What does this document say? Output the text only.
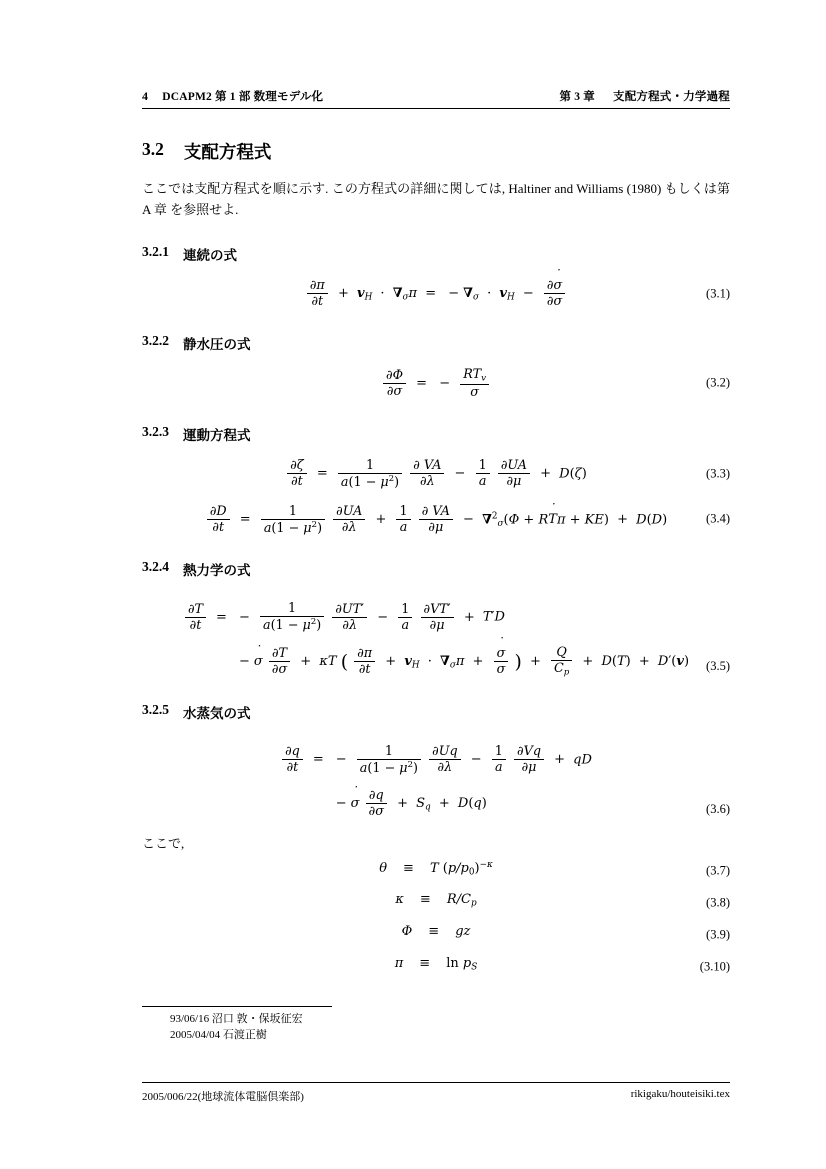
4 DCAPM2 第 1 部 数理モデル化	第 3 章 支配方程式・力学過程
3.2 支配方程式

ここでは支配方程式を順に示す. この方程式の詳細に関しては, Haltiner and Williams (1980) もしくは第 A 章 を参照せよ.

3.2.1 連続の式
$\frac{\partial\pi}{\partial t} + v_H \cdot \nabla_\sigma\pi$ = − $\nabla_\sigma \cdot v_H - \frac{\partial\sigma ˙}{\partial\sigma}$	(3.1)
3.2.2 静水圧の式
$\frac{\partial\Phi}{\partial\sigma}$ = − $\frac{RT_v}{\sigma}$	(3.2)
3.2.3 運動方程式
$\frac{\partial\zeta}{\partial t} = \frac{1}{a(1 - \mu^2)}$
$\frac{\partial VA}{\partial\lambda} - \frac{1}{a}$
$\frac{\partial UA}{\partial\mu} + D(\zeta)$	(3.3)
$\frac{\partial D}{\partial t} = \frac{1}{a(1 - \mu^2)}$
$\frac{\partial UA}{\partial\lambda} + \frac{1}{a}$
$\frac{\partial VA}{\partial\mu} - \nabla^2_\sigma(\Phi$ + RT ˙π + KE) + D(D)	(3.4)
3.2.4 熱力学の式
$\frac{\partial T}{\partial t}$ = − $\frac{1}{a(1 - \mu^2)}$
$\frac{\partial UT'}{\partial\lambda} - \frac{1}{a}$
$\frac{\partial VT'}{\partial\mu} + T'D$
− σ ˙ $\frac{\partial T}{\partial\sigma} + \kappa T$ ( $\frac{\partial\pi}{\partial t} + v_H \cdot \nabla_\sigma\pi + \frac{\sigma ˙}{\sigma}$ ) + $\frac{Q}{C_p} + D(T) + D'(v)$ (3.5)
3.2.5 水蒸気の式
$\frac{\partial q}{\partial t}$ = − $\frac{1}{a(1 - \mu^2)}$
$\frac{\partial Uq}{\partial\lambda} - \frac{1}{a}$
$\frac{\partial Vq}{\partial\mu}$ + qD
− σ ˙ $\frac{\partial q}{\partial\sigma} + S_q + D(q)$	(3.6)

ここで,

θ ≡ T $(p/p_0)^{-\kappa}$	(3.7)
$\kappa \equiv R/C_p$	(3.8)
Φ ≡ gz	(3.9)
$\pi \equiv \ln p_S$	(3.10)
93/06/16 沼口 敦・保坂征宏
2005/04/04 石渡正樹
2005/006/22(地球流体電脳倶楽部)	rikigaku/houteisiki.tex
